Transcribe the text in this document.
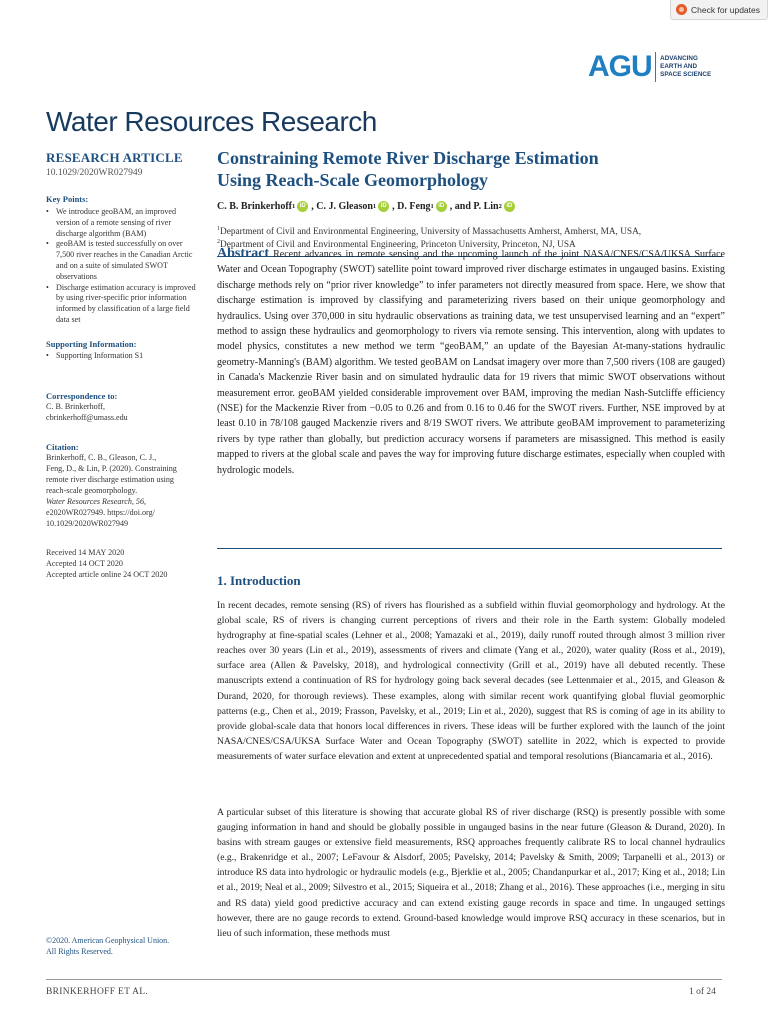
Check for updates
AGU ADVANCING
EARTH AND
SPACE SCIENCE
Water Resources Research
RESEARCH ARTICLE
10.1029/2020WR027949
Key Points:
• We introduce geoBAM, an improved version of a remote sensing of river discharge algorithm (BAM)
• geoBAM is tested successfully on over 7,500 river reaches in the Canadian Arctic and on a suite of simulated SWOT observations
• Discharge estimation accuracy is improved by using river-specific prior information informed by classification of a large field data set
Supporting Information:
• Supporting Information S1
Correspondence to:
C. B. Brinkerhoff,
cbrinkerhoff@umass.edu
Citation:
Brinkerhoff, C. B., Gleason, C. J.,
Feng, D., & Lin, P. (2020). Constraining
remote river discharge estimation using
reach-scale geomorphology.
Water Resources Research, 56,
e2020WR027949. https://doi.org/
10.1029/2020WR027949
Received 14 MAY 2020
Accepted 14 OCT 2020
Accepted article online 24 OCT 2020
Constraining Remote River Discharge Estimation
Using Reach-Scale Geomorphology
C. B. Brinkerhoff 1 iD ,
C. J. Gleason 1 iD ,
D. Feng 1 iD , and
P. Lin 2 iD
$^1$Department of Civil and Environmental Engineering, University of Massachusetts Amherst, Amherst, MA, USA,
$^2$Department of Civil and Environmental Engineering, Princeton University, Princeton, NJ, USA
Abstract Recent advances in remote sensing and the upcoming launch of the joint NASA/CNES/CSA/UKSA Surface Water and Ocean Topography (SWOT) satellite point toward improved river discharge estimates in ungauged basins. Existing discharge methods rely on “prior river knowledge” to infer parameters not directly measured from space. Here, we show that discharge estimation is improved by classifying and parameterizing rivers based on their unique geomorphology and hydraulics. Using over 370,000 in situ hydraulic observations as training data, we test unsupervised learning and an “expert” method to assign these hydraulics and geomorphology to rivers via remote sensing. This intervention, along with updates to model physics, constitutes a new method we term “geoBAM,” an update of the Bayesian At-many-stations hydraulic geometry-Manning's (BAM) algorithm. We tested geoBAM on Landsat imagery over more than 7,500 rivers (108 are gauged) in Canada's Mackenzie River basin and on simulated hydraulic data for 19 rivers that mimic SWOT observations without measurement error. geoBAM yielded considerable improvement over BAM, improving the median Nash-Sutcliffe efficiency (NSE) for the Mackenzie River from −0.05 to 0.26 and from 0.16 to 0.46 for the SWOT rivers. Further, NSE improved by at least 0.10 in 78/108 gauged Mackenzie rivers and 8/19 SWOT rivers. We attribute geoBAM improvement to parameterizing rivers by type rather than globally, but prediction accuracy worsens if parameters are misassigned. This method is easily mapped to rivers at the global scale and paves the way for improving future discharge estimates, especially when coupled with hydrologic models.
1. Introduction
In recent decades, remote sensing (RS) of rivers has flourished as a subfield within fluvial geomorphology and hydrology. At the global scale, RS of rivers is changing current perceptions of rivers and their role in the Earth system: Globally modeled hydrography at fine-spatial scales (Lehner et al., 2008; Yamazaki et al., 2019), daily runoff routed through almost 3 million river reaches over 30 years (Lin et al., 2019), assessments of rivers and climate (Yang et al., 2020), water quality (Ross et al., 2019), surface area (Allen & Pavelsky, 2018), and hydrological connectivity (Grill et al., 2019) have all debuted recently. These manuscripts extend a continuation of RS for hydrology going back several decades (see Lettenmaier et al., 2015, and Gleason & Durand, 2020, for thorough reviews). These examples, along with similar recent work quantifying global fluvial geomorphic patterns (e.g., Chen et al., 2019; Frasson, Pavelsky, et al., 2019; Lin et al., 2020), suggest that RS is coming of age in its ability to provide global-scale data that honors local differences in rivers. These ideas will be further explored with the launch of the joint NASA/CNES/CSA/UKSA Surface Water and Ocean Topography (SWOT) satellite in 2022, which is expected to provide measurements of water surface elevation and extent at unprecedented spatial and temporal resolutions (Biancamaria et al., 2016).
A particular subset of this literature is showing that accurate global RS of river discharge (RSQ) is presently possible with some gauging information in hand and should be globally possible in ungauged basins in the near future (Gleason & Durand, 2020). In basins with stream gauges or extensive field measurements, RSQ approaches frequently calibrate RS to local channel hydraulics (e.g., Brakenridge et al., 2007; LeFavour & Alsdorf, 2005; Pavelsky, 2014; Pavelsky & Smith, 2009; Tarpanelli et al., 2013) or introduce RS data into hydrologic or hydraulic models (e.g., Bjerklie et al., 2005; Chandanpurkar et al., 2017; King et al., 2018; Lin et al., 2019; Neal et al., 2009; Silvestro et al., 2015; Siqueira et al., 2018; Zhang et al., 2016). These approaches (i.e., merging in situ and RS data) yield good predictive accuracy and can extend existing gauge records in space and time. In ungauged settings however, there are no gauge records to extend. Ground-based knowledge would improve RSQ accuracy in these scenarios, but in lieu of such information, these methods must
©2020. American Geophysical Union.
All Rights Reserved.
BRINKERHOFF ET AL.	1 of 24
